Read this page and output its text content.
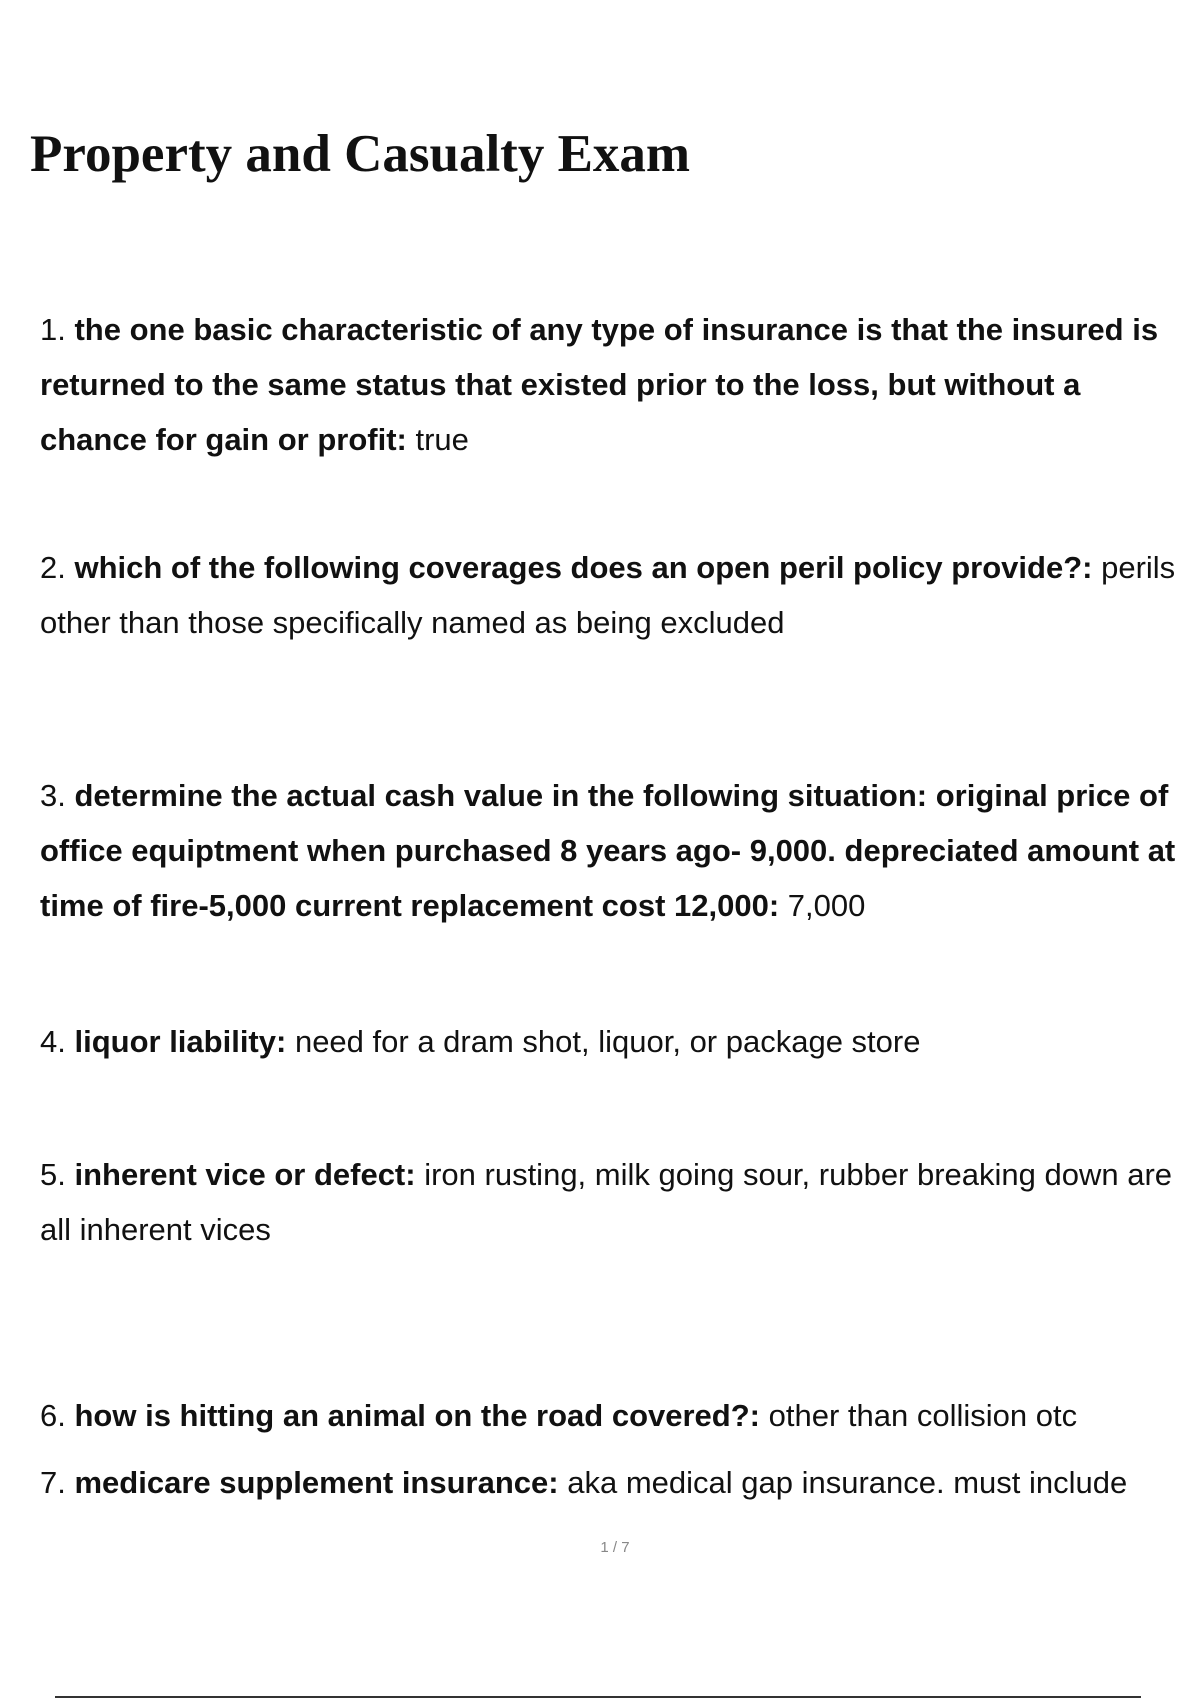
Property and Casualty Exam

1. the one basic characteristic of any type of insurance is that the insured is returned to the same status that existed prior to the loss, but without a chance for gain or profit: true

2. which of the following coverages does an open peril policy provide?: perils other than those specifically named as being excluded

3. determine the actual cash value in the following situation: original price of office equiptment when purchased 8 years ago- 9,000. depreciated amount at time of fire-5,000 current replacement cost 12,000: 7,000

4. liquor liability: need for a dram shot, liquor, or package store

5. inherent vice or defect: iron rusting, milk going sour, rubber breaking down are all inherent vices

6. how is hitting an animal on the road covered?: other than collision otc

7. medicare supplement insurance: aka medical gap insurance. must include

1 / 7
